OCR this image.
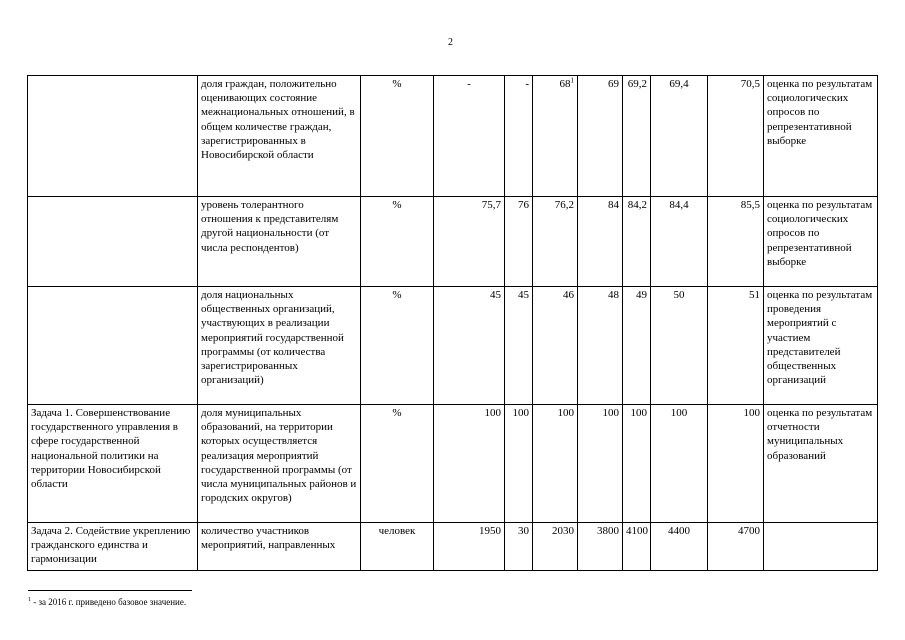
2
	доля граждан, положительно оценивающих состояние межнациональных отношений, в общем количестве граждан, зарегистрированных в Новосибирской области	%	-	-	68$^1$	69	69,2	69,4	70,5	оценка по результатам социологических опросов по репрезентативной выборке
	уровень толерантного отношения к представителям другой национальности (от числа респондентов)	%	75,7	76	76,2	84	84,2	84,4	85,5	оценка по результатам социологических опросов по репрезентативной выборке
	доля национальных общественных организаций, участвующих в реализации мероприятий государственной программы (от количества зарегистрированных организаций)	%	45	45	46	48	49	50	51	оценка по результатам проведения мероприятий с участием представителей общественных организаций
Задача 1. Совершенствование государственного управления в сфере государственной национальной политики на территории Новосибирской области	доля муниципальных образований, на территории которых осуществляется реализация мероприятий государственной программы (от числа муниципальных районов и городских округов)	%	100	100	100	100	100	100	100	оценка по результатам отчетности муниципальных образований
Задача 2. Содействие укреплению гражданского единства и гармонизации	количество участников мероприятий, направленных	человек	1950	30	2030	3800	4100	4400	4700	
$^1$ - за 2016 г. приведено базовое значение.
